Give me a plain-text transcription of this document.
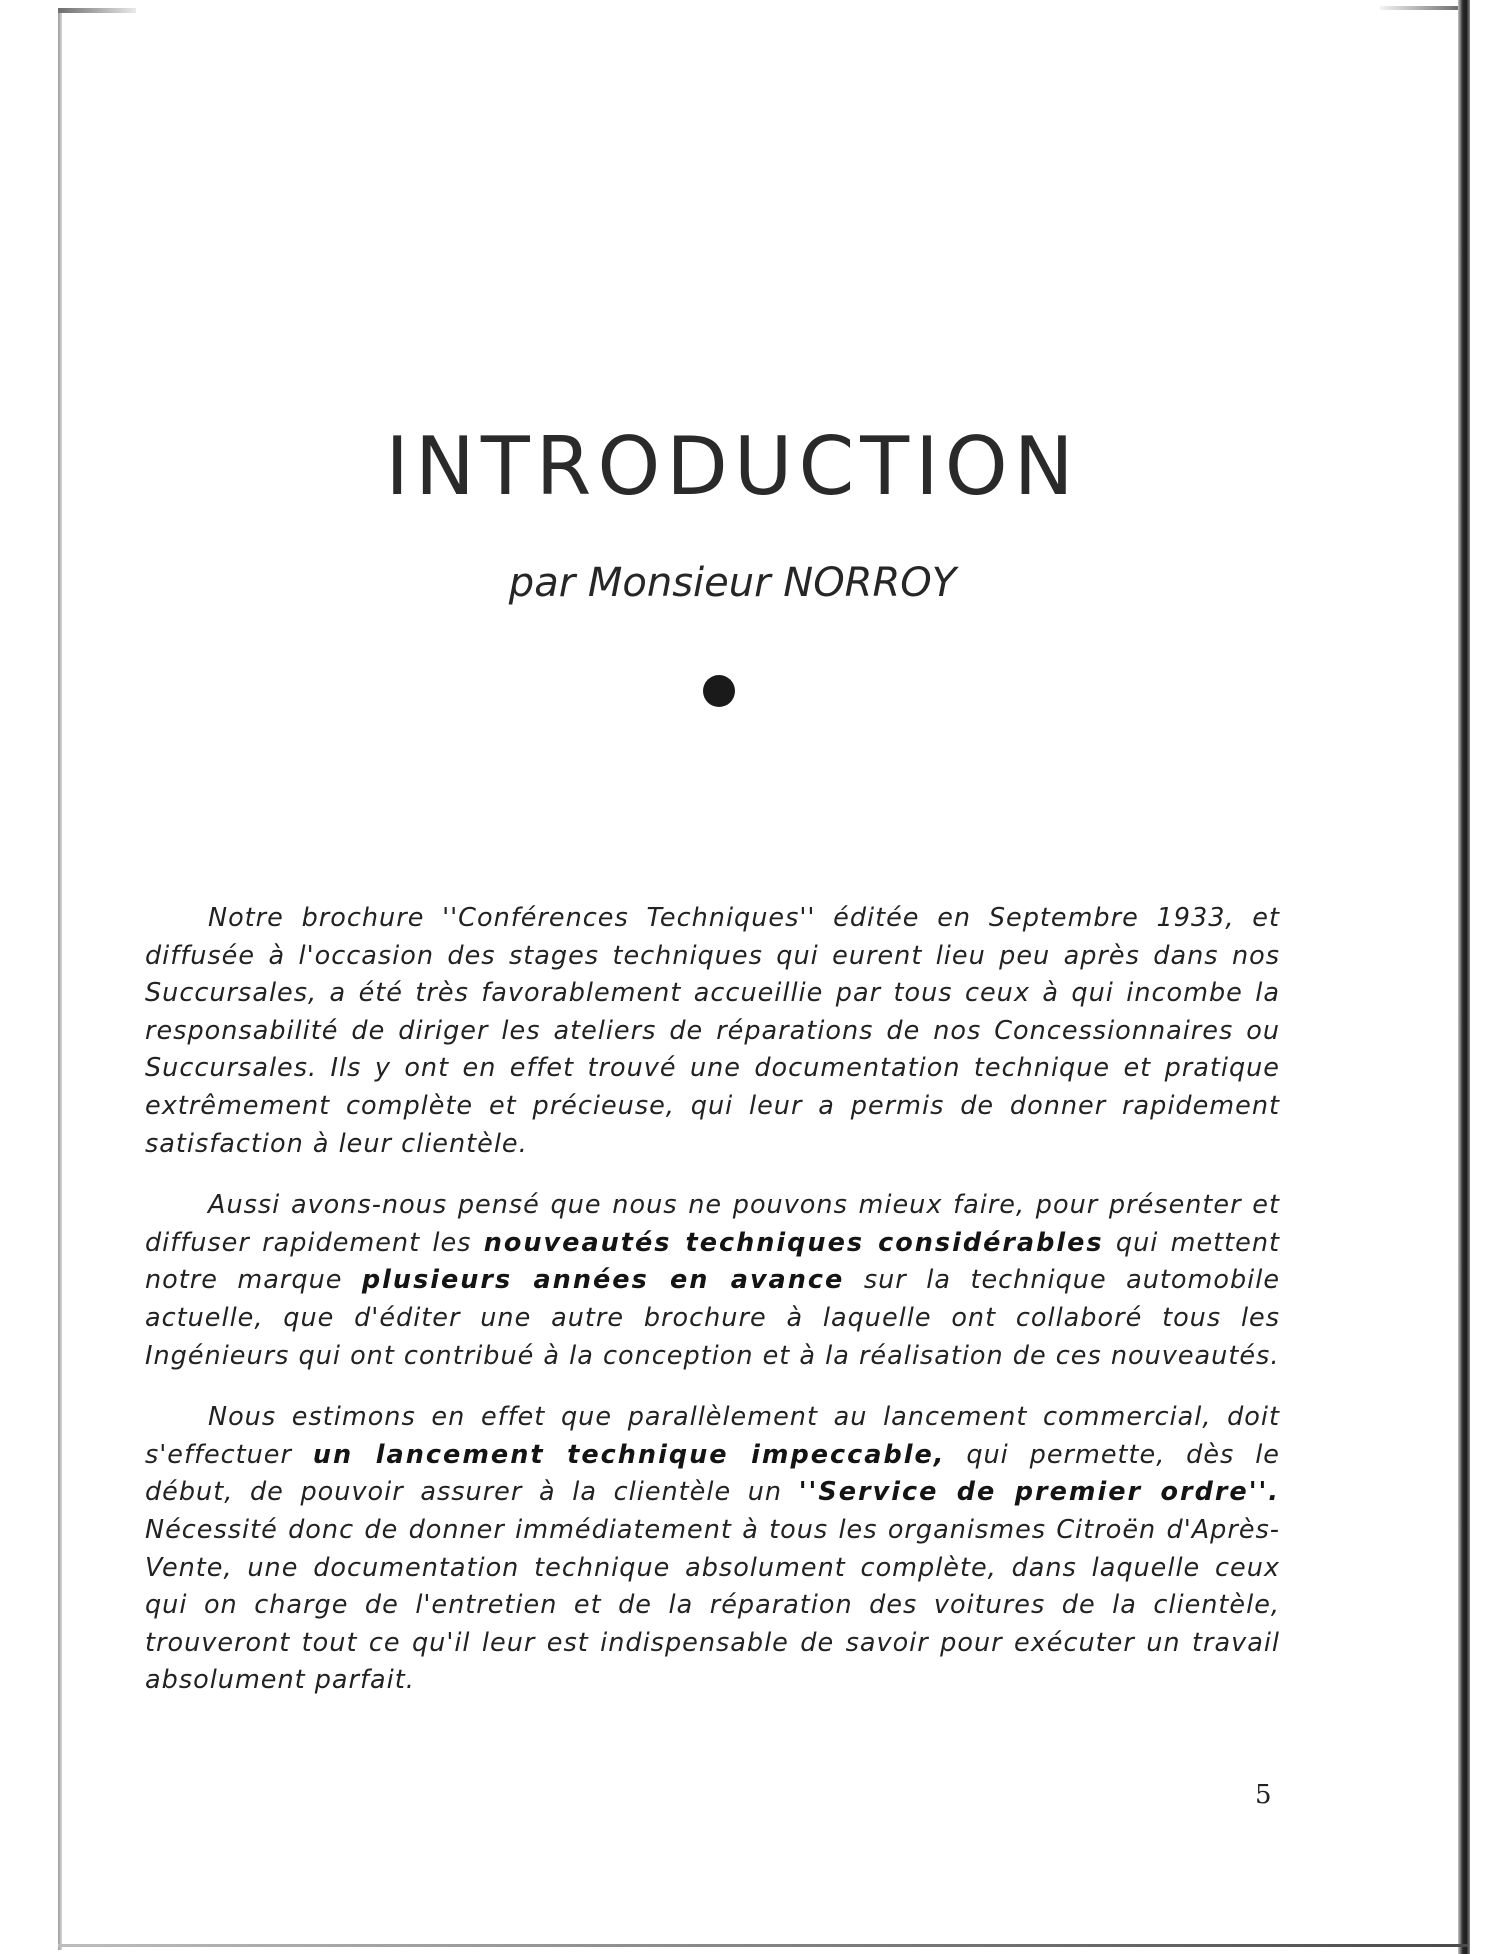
INTRODUCTION

par Monsieur NORROY

Notre brochure ''Conférences Techniques'' éditée en Septembre 1933, et diffusée à l'occasion des stages techniques qui eurent lieu peu après dans nos Succursales, a été très favorablement accueillie par tous ceux à qui incombe la responsabilité de diriger les ateliers de réparations de nos Concessionnaires ou Succursales. Ils y ont en effet trouvé une documentation technique et pratique extrêmement complète et précieuse, qui leur a permis de donner rapidement satisfaction à leur clientèle.

Aussi avons-nous pensé que nous ne pouvons mieux faire, pour présenter et diffuser rapidement les nouveautés techniques considérables qui mettent notre marque plusieurs années en avance sur la technique automobile actuelle, que d'éditer une autre brochure à laquelle ont collaboré tous les Ingénieurs qui ont contribué à la conception et à la réalisation de ces nouveautés.

Nous estimons en effet que parallèlement au lancement commercial, doit s'effectuer un lancement technique impeccable, qui permette, dès le début, de pouvoir assurer à la clientèle un ''Service de premier ordre''. Nécessité donc de donner immédiatement à tous les organismes Citroën d'Après-Vente, une documentation technique absolument complète, dans laquelle ceux qui on charge de l'entretien et de la réparation des voitures de la clientèle, trouveront tout ce qu'il leur est indispensable de savoir pour exécuter un travail absolument parfait.

5
